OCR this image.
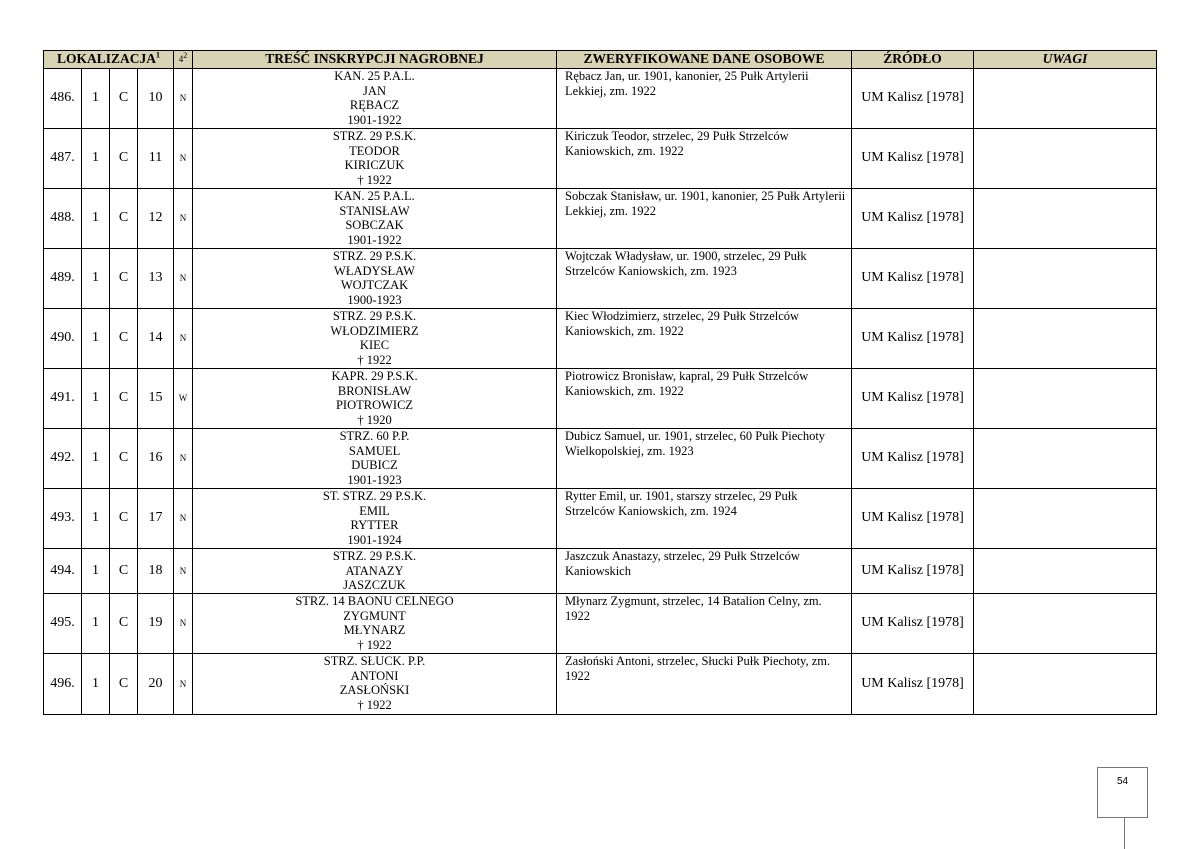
LOKALIZACJA$^1$				$4^2$	TREŚĆ INSKRYPCJI NAGROBNEJ	ZWERYFIKOWANE DANE OSOBOWE	ŹRÓDŁO	UWAGI
486.	1	C	10	N	KAN. 25 P.A.L.
JAN
RĘBACZ
1901-1922	Rębacz Jan, ur. 1901, kanonier, 25 Pułk Artylerii Lekkiej, zm. 1922	UM Kalisz [1978]	
487.	1	C	11	N	STRZ. 29 P.S.K.
TEODOR
KIRICZUK
† 1922	Kiriczuk Teodor, strzelec, 29 Pułk Strzelców Kaniowskich, zm. 1922	UM Kalisz [1978]	
488.	1	C	12	N	KAN. 25 P.A.L.
STANISŁAW
SOBCZAK
1901-1922	Sobczak Stanisław, ur. 1901, kanonier, 25 Pułk Artylerii Lekkiej, zm. 1922	UM Kalisz [1978]	
489.	1	C	13	N	STRZ. 29 P.S.K.
WŁADYSŁAW
WOJTCZAK
1900-1923	Wojtczak Władysław, ur. 1900, strzelec, 29 Pułk Strzelców Kaniowskich, zm. 1923	UM Kalisz [1978]	
490.	1	C	14	N	STRZ. 29 P.S.K.
WŁODZIMIERZ
KIEC
† 1922	Kiec Włodzimierz, strzelec, 29 Pułk Strzelców Kaniowskich, zm. 1922	UM Kalisz [1978]	
491.	1	C	15	W	KAPR. 29 P.S.K.
BRONISŁAW
PIOTROWICZ
† 1920	Piotrowicz Bronisław, kapral, 29 Pułk Strzelców Kaniowskich, zm. 1922	UM Kalisz [1978]	
492.	1	C	16	N	STRZ. 60 P.P.
SAMUEL
DUBICZ
1901-1923	Dubicz Samuel, ur. 1901, strzelec, 60 Pułk Piechoty Wielkopolskiej, zm. 1923	UM Kalisz [1978]	
493.	1	C	17	N	ST. STRZ. 29 P.S.K.
EMIL
RYTTER
1901-1924	Rytter Emil, ur. 1901, starszy strzelec, 29 Pułk Strzelców Kaniowskich, zm. 1924	UM Kalisz [1978]	
494.	1	C	18	N	STRZ. 29 P.S.K.
ATANAZY
JASZCZUK	Jaszczuk Anastazy, strzelec, 29 Pułk Strzelców Kaniowskich	UM Kalisz [1978]	
495.	1	C	19	N	STRZ. 14 BAONU CELNEGO
ZYGMUNT
MŁYNARZ
† 1922	Młynarz Zygmunt, strzelec, 14 Batalion Celny, zm. 1922	UM Kalisz [1978]	
496.	1	C	20	N	STRZ. SŁUCK. P.P.
ANTONI
ZASŁOŃSKI
† 1922	Zasłoński Antoni, strzelec, Słucki Pułk Piechoty, zm. 1922	UM Kalisz [1978]	
54
